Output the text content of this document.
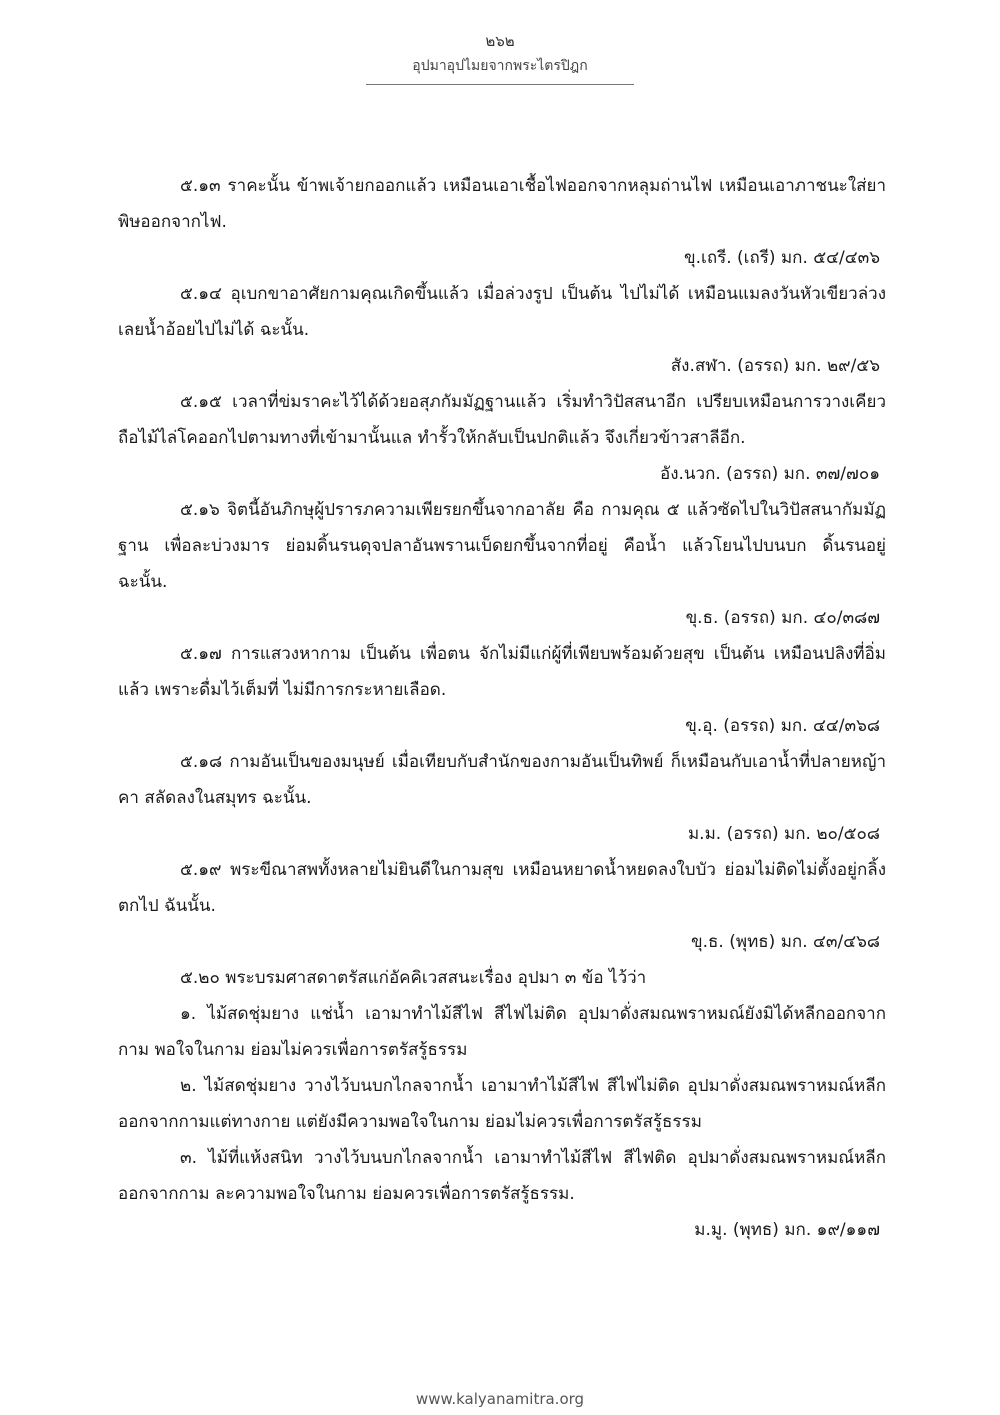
๒๖๒
อุปมาอุปไมยจากพระไตรปิฎก

๕.๑๓ ราคะนั้น ข้าพเจ้ายกออกแล้ว เหมือนเอาเชื้อไฟออกจากหลุมถ่านไฟ เหมือนเอาภาชนะใส่ยาพิษออกจากไฟ.

ขุ.เถรี. (เถรี) มก. ๕๔/๔๓๖

๕.๑๔ อุเบกขาอาศัยกามคุณเกิดขึ้นแล้ว เมื่อล่วงรูป เป็นต้น ไปไม่ได้ เหมือนแมลงวันหัวเขียวล่วงเลยน้ำอ้อยไปไม่ได้ ฉะนั้น.

สัง.สฬา. (อรรถ) มก. ๒๙/๕๖

๕.๑๕ เวลาที่ข่มราคะไว้ได้ด้วยอสุภกัมมัฏฐานแล้ว เริ่มทำวิปัสสนาอีก เปรียบเหมือนการวางเคียว ถือไม้ไล่โคออกไปตามทางที่เข้ามานั้นแล ทำรั้วให้กลับเป็นปกติแล้ว จึงเกี่ยวข้าวสาลีอีก.

อัง.นวก. (อรรถ) มก. ๓๗/๗๐๑

๕.๑๖ จิตนี้อันภิกษุผู้ปรารภความเพียรยกขึ้นจากอาลัย คือ กามคุณ ๕ แล้วซัดไปในวิปัสสนากัมมัฏฐาน เพื่อละบ่วงมาร ย่อมดิ้นรนดุจปลาอันพรานเบ็ดยกขึ้นจากที่อยู่ คือน้ำ แล้วโยนไปบนบก ดิ้นรนอยู่ ฉะนั้น.

ขุ.ธ. (อรรถ) มก. ๔๐/๓๘๗

๕.๑๗ การแสวงหากาม เป็นต้น เพื่อตน จักไม่มีแก่ผู้ที่เพียบพร้อมด้วยสุข เป็นต้น เหมือนปลิงที่อิ่มแล้ว เพราะดื่มไว้เต็มที่ ไม่มีการกระหายเลือด.

ขุ.อุ. (อรรถ) มก. ๔๔/๓๖๘

๕.๑๘ กามอันเป็นของมนุษย์ เมื่อเทียบกับสำนักของกามอันเป็นทิพย์ ก็เหมือนกับเอาน้ำที่ปลายหญ้าคา สลัดลงในสมุทร ฉะนั้น.

ม.ม. (อรรถ) มก. ๒๐/๕๐๘

๕.๑๙ พระขีณาสพทั้งหลายไม่ยินดีในกามสุข เหมือนหยาดน้ำหยดลงใบบัว ย่อมไม่ติดไม่ตั้งอยู่กลิ้งตกไป ฉันนั้น.

ขุ.ธ. (พุทธ) มก. ๔๓/๔๖๘

๕.๒๐ พระบรมศาสดาตรัสแก่อัคคิเวสสนะเรื่อง อุปมา ๓ ข้อ ไว้ว่า

๑. ไม้สดชุ่มยาง แช่น้ำ เอามาทำไม้สีไฟ สีไฟไม่ติด อุปมาดั่งสมณพราหมณ์ยังมิได้หลีกออกจากกาม พอใจในกาม ย่อมไม่ควรเพื่อการตรัสรู้ธรรม

๒. ไม้สดชุ่มยาง วางไว้บนบกไกลจากน้ำ เอามาทำไม้สีไฟ สีไฟไม่ติด อุปมาดั่งสมณพราหมณ์หลีกออกจากกามแต่ทางกาย แต่ยังมีความพอใจในกาม ย่อมไม่ควรเพื่อการตรัสรู้ธรรม

๓. ไม้ที่แห้งสนิท วางไว้บนบกไกลจากน้ำ เอามาทำไม้สีไฟ สีไฟติด อุปมาดั่งสมณพราหมณ์หลีกออกจากกาม ละความพอใจในกาม ย่อมควรเพื่อการตรัสรู้ธรรม.

ม.มู. (พุทธ) มก. ๑๙/๑๑๗

www.kalyanamitra.org
